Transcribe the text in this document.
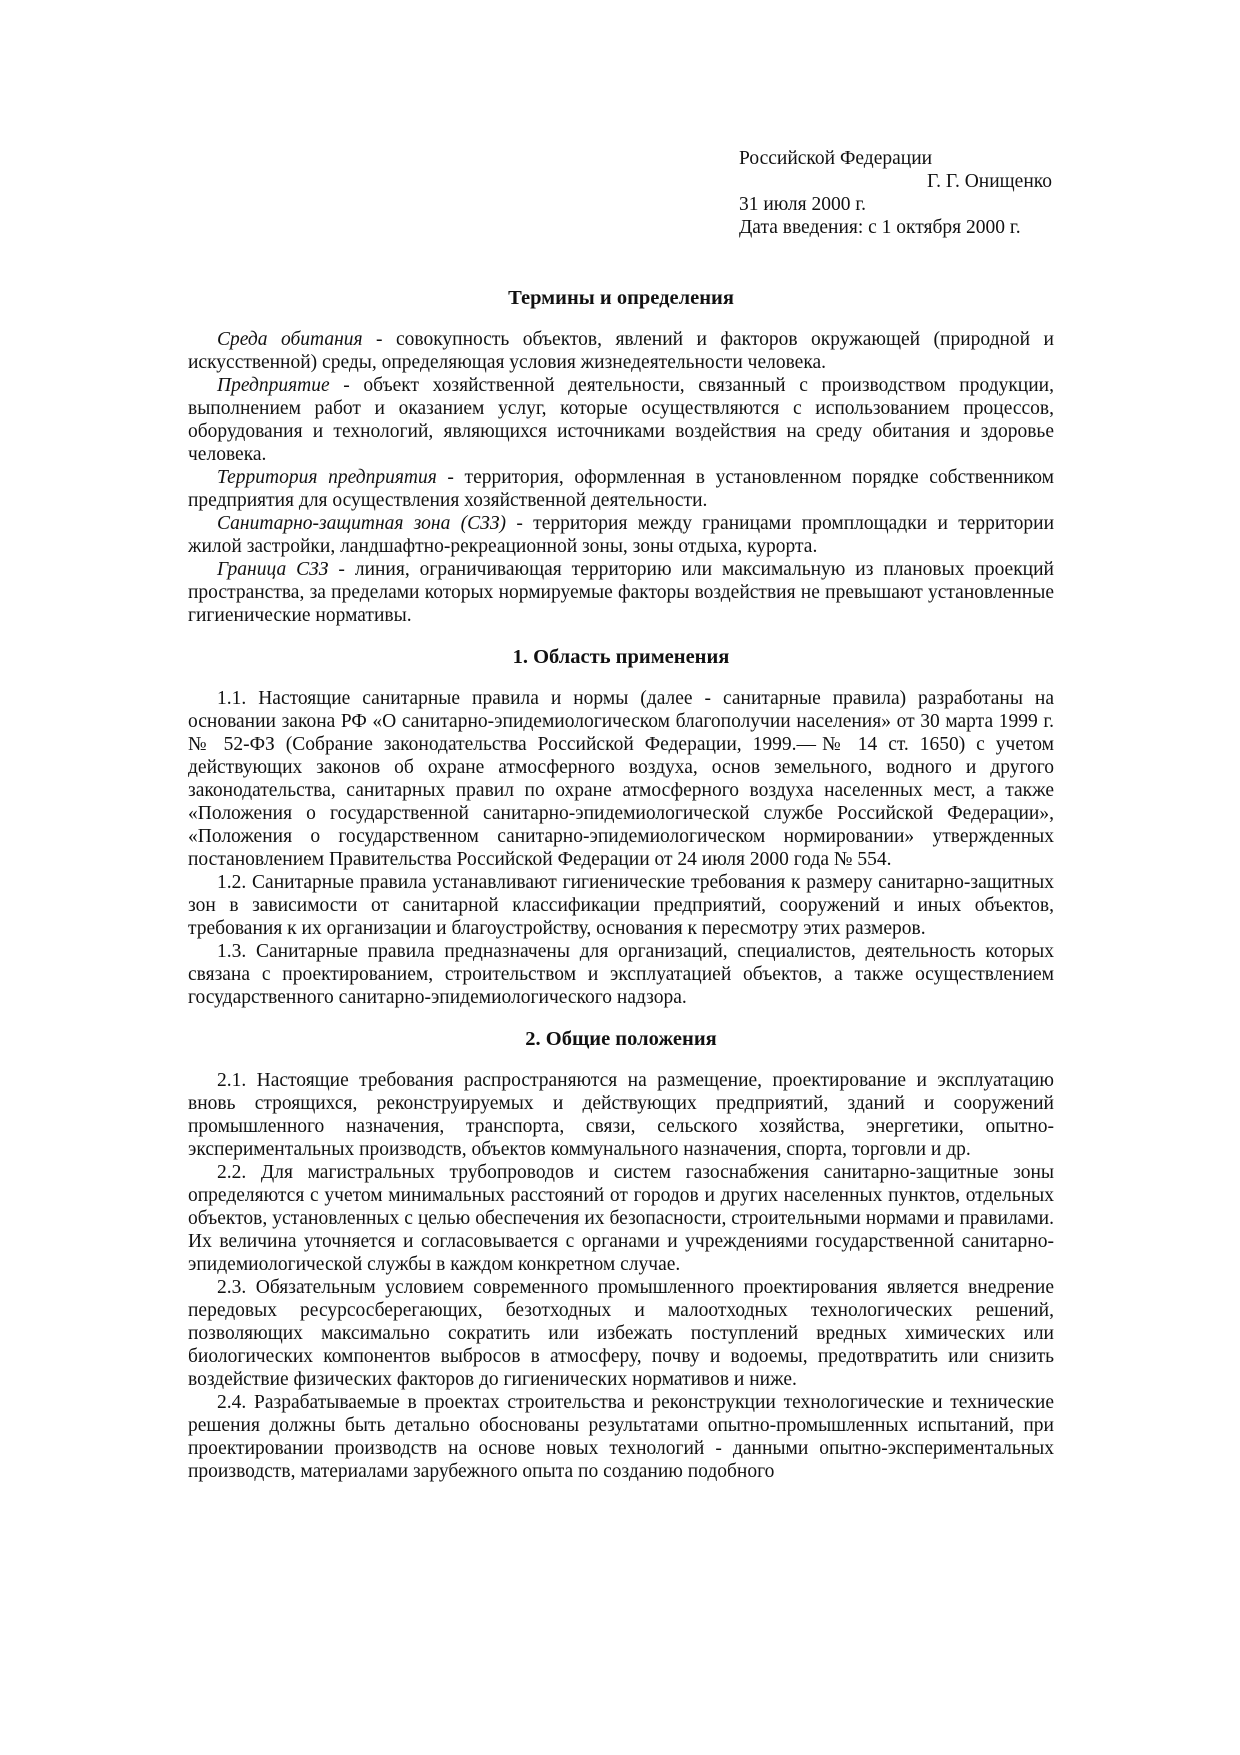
Российской Федерации
Г. Г. Онищенко
31 июля 2000 г.
Дата введения: с 1 октября 2000 г.
Термины и определения

Среда обитания - совокупность объектов, явлений и факторов окружающей (природной и искусственной) среды, определяющая условия жизнедеятельности человека.

Предприятие - объект хозяйственной деятельности, связанный с производством продукции, выполнением работ и оказанием услуг, которые осуществляются с использованием процессов, оборудования и технологий, являющихся источниками воздействия на среду обитания и здоровье человека.

Территория предприятия - территория, оформленная в установленном порядке собственником предприятия для осуществления хозяйственной деятельности.

Санитарно-защитная зона (СЗЗ) - территория между границами промплощадки и территории жилой застройки, ландшафтно-рекреационной зоны, зоны отдыха, курорта.

Граница СЗЗ - линия, ограничивающая территорию или максимальную из плановых проекций пространства, за пределами которых нормируемые факторы воздействия не превышают установленные гигиенические нормативы.

1. Область применения

1.1. Настоящие санитарные правила и нормы (далее - санитарные правила) разработаны на основании закона РФ «О санитарно-эпидемиологическом благополучии населения» от 30 марта 1999 г. № 52-ФЗ (Собрание законодательства Российской Федерации, 1999.—№ 14 ст. 1650) с учетом действующих законов об охране атмосферного воздуха, основ земельного, водного и другого законодательства, санитарных правил по охране атмосферного воздуха населенных мест, а также «Положения о государственной санитарно-эпидемиологической службе Российской Федерации», «Положения о государственном санитарно-эпидемиологическом нормировании» утвержденных постановлением Правительства Российской Федерации от 24 июля 2000 года № 554.

1.2. Санитарные правила устанавливают гигиенические требования к размеру санитарно-защитных зон в зависимости от санитарной классификации предприятий, сооружений и иных объектов, требования к их организации и благоустройству, основания к пересмотру этих размеров.

1.3. Санитарные правила предназначены для организаций, специалистов, деятельность которых связана с проектированием, строительством и эксплуатацией объектов, а также осуществлением государственного санитарно-эпидемиологического надзора.

2. Общие положения

2.1. Настоящие требования распространяются на размещение, проектирование и эксплуатацию вновь строящихся, реконструируемых и действующих предприятий, зданий и сооружений промышленного назначения, транспорта, связи, сельского хозяйства, энергетики, опытно-экспериментальных производств, объектов коммунального назначения, спорта, торговли и др.

2.2. Для магистральных трубопроводов и систем газоснабжения санитарно-защитные зоны определяются с учетом минимальных расстояний от городов и других населенных пунктов, отдельных объектов, установленных с целью обеспечения их безопасности, строительными нормами и правилами. Их величина уточняется и согласовывается с органами и учреждениями государственной санитарно-эпидемиологической службы в каждом конкретном случае.

2.3. Обязательным условием современного промышленного проектирования является внедрение передовых ресурсосберегающих, безотходных и малоотходных технологических решений, позволяющих максимально сократить или избежать поступлений вредных химических или биологических компонентов выбросов в атмосферу, почву и водоемы, предотвратить или снизить воздействие физических факторов до гигиенических нормативов и ниже.

2.4. Разрабатываемые в проектах строительства и реконструкции технологические и технические решения должны быть детально обоснованы результатами опытно-промышленных испытаний, при проектировании производств на основе новых технологий - данными опытно-экспериментальных производств, материалами зарубежного опыта по созданию подобного
